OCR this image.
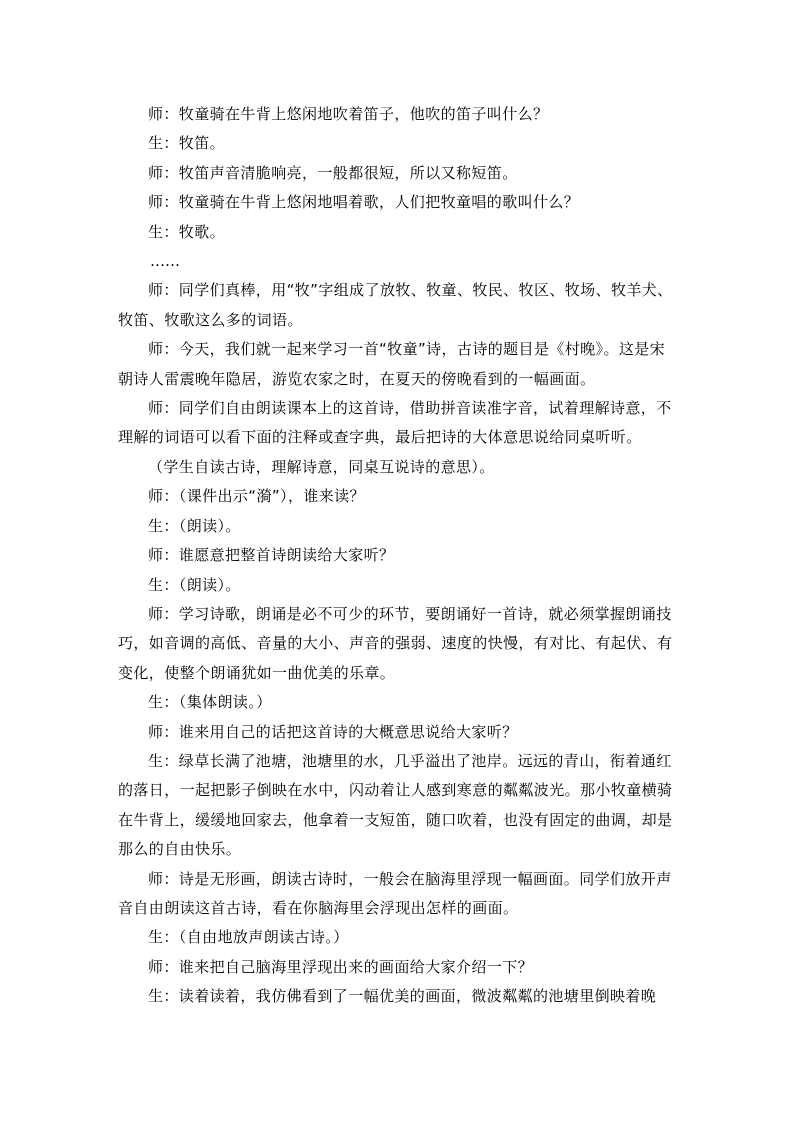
师：牧童骑在牛背上悠闲地吹着笛子，他吹的笛子叫什么？

生：牧笛。

师：牧笛声音清脆响亮，一般都很短，所以又称短笛。

师：牧童骑在牛背上悠闲地唱着歌，人们把牧童唱的歌叫什么？

生：牧歌。

……

师：同学们真棒，用“牧”字组成了放牧、牧童、牧民、牧区、牧场、牧羊犬、牧笛、牧歌这么多的词语。

师：今天，我们就一起来学习一首“牧童”诗，古诗的题目是《村晚》。这是宋朝诗人雷震晚年隐居，游览农家之时，在夏天的傍晚看到的一幅画面。

师：同学们自由朗读课本上的这首诗，借助拼音读准字音，试着理解诗意，不理解的词语可以看下面的注释或查字典，最后把诗的大体意思说给同桌听听。

（学生自读古诗，理解诗意，同桌互说诗的意思）。

师：（课件出示“漪”），谁来读？

生：（朗读）。

师：谁愿意把整首诗朗读给大家听？

生：（朗读）。

师：学习诗歌，朗诵是必不可少的环节，要朗诵好一首诗，就必须掌握朗诵技巧，如音调的高低、音量的大小、声音的强弱、速度的快慢，有对比、有起伏、有变化，使整个朗诵犹如一曲优美的乐章。

生：（集体朗读。）

师：谁来用自己的话把这首诗的大概意思说给大家听？

生：绿草长满了池塘，池塘里的水，几乎溢出了池岸。远远的青山，衔着通红的落日，一起把影子倒映在水中，闪动着让人感到寒意的粼粼波光。那小牧童横骑在牛背上，缓缓地回家去，他拿着一支短笛，随口吹着，也没有固定的曲调，却是那么的自由快乐。

师：诗是无形画，朗读古诗时，一般会在脑海里浮现一幅画面。同学们放开声音自由朗读这首古诗，看在你脑海里会浮现出怎样的画面。

生：（自由地放声朗读古诗。）

师：谁来把自己脑海里浮现出来的画面给大家介绍一下？

生：读着读着，我仿佛看到了一幅优美的画面，微波粼粼的池塘里倒映着晚
